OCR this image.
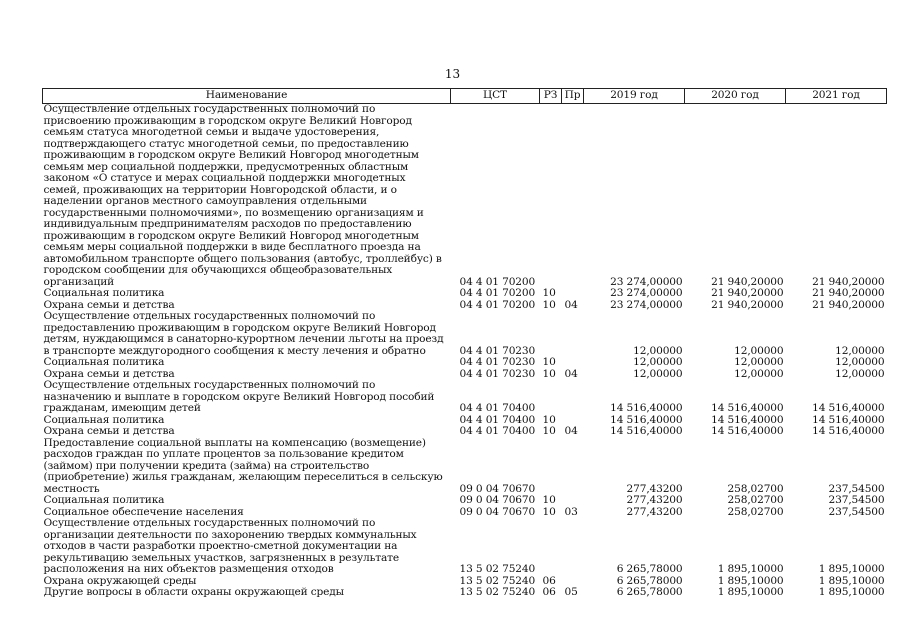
13
Наименование	ЦСТ	РЗ	Пр	2019 год	2020 год	2021 год
Осуществление отдельных государственных полномочий по присвоению проживающим в городском округе Великий Новгород семьям статуса многодетной семьи и выдаче удостоверения, подтверждающего статус многодетной семьи, по предоставлению проживающим в городском округе Великий Новгород многодетным семьям мер социальной поддержки, предусмотренных областным законом «О статусе и мерах социальной поддержки многодетных семей, проживающих на территории Новгородской области, и о наделении органов местного самоуправления отдельными государственными полномочиями», по возмещению организациям и индивидуальным предпринимателям расходов по предоставлению проживающим в городском округе Великий Новгород многодетным семьям меры социальной поддержки в виде бесплатного проезда на автомобильном транспорте общего пользования (автобус, троллейбус) в городском сообщении для обучающихся общеобразовательных организаций	04 4 01 70200			23 274,00000	21 940,20000	21 940,20000
Социальная политика	04 4 01 70200	10		23 274,00000	21 940,20000	21 940,20000
Охрана семьи и детства	04 4 01 70200	10	04	23 274,00000	21 940,20000	21 940,20000
Осуществление отдельных государственных полномочий по предоставлению проживающим в городском округе Великий Новгород детям, нуждающимся в санаторно-курортном лечении льготы на проезд в транспорте междугородного сообщения к месту лечения и обратно	04 4 01 70230			12,00000	12,00000	12,00000
Социальная политика	04 4 01 70230	10		12,00000	12,00000	12,00000
Охрана семьи и детства	04 4 01 70230	10	04	12,00000	12,00000	12,00000
Осуществление отдельных государственных полномочий по назначению и выплате в городском округе Великий Новгород пособий гражданам, имеющим детей	04 4 01 70400			14 516,40000	14 516,40000	14 516,40000
Социальная политика	04 4 01 70400	10		14 516,40000	14 516,40000	14 516,40000
Охрана семьи и детства	04 4 01 70400	10	04	14 516,40000	14 516,40000	14 516,40000
Предоставление социальной выплаты на компенсацию (возмещение) расходов граждан по уплате процентов за пользование кредитом (займом) при получении кредита (займа) на строительство (приобретение) жилья гражданам, желающим переселиться в сельскую местность	09 0 04 70670			277,43200	258,02700	237,54500
Социальная политика	09 0 04 70670	10		277,43200	258,02700	237,54500
Социальное обеспечение населения	09 0 04 70670	10	03	277,43200	258,02700	237,54500
Осуществление отдельных государственных полномочий по организации деятельности по захоронению твердых коммунальных отходов в части разработки проектно-сметной документации на рекультивацию земельных участков, загрязненных в результате расположения на них объектов размещения отходов	13 5 02 75240			6 265,78000	1 895,10000	1 895,10000
Охрана окружающей среды	13 5 02 75240	06		6 265,78000	1 895,10000	1 895,10000
Другие вопросы в области охраны окружающей среды	13 5 02 75240	06	05	6 265,78000	1 895,10000	1 895,10000
